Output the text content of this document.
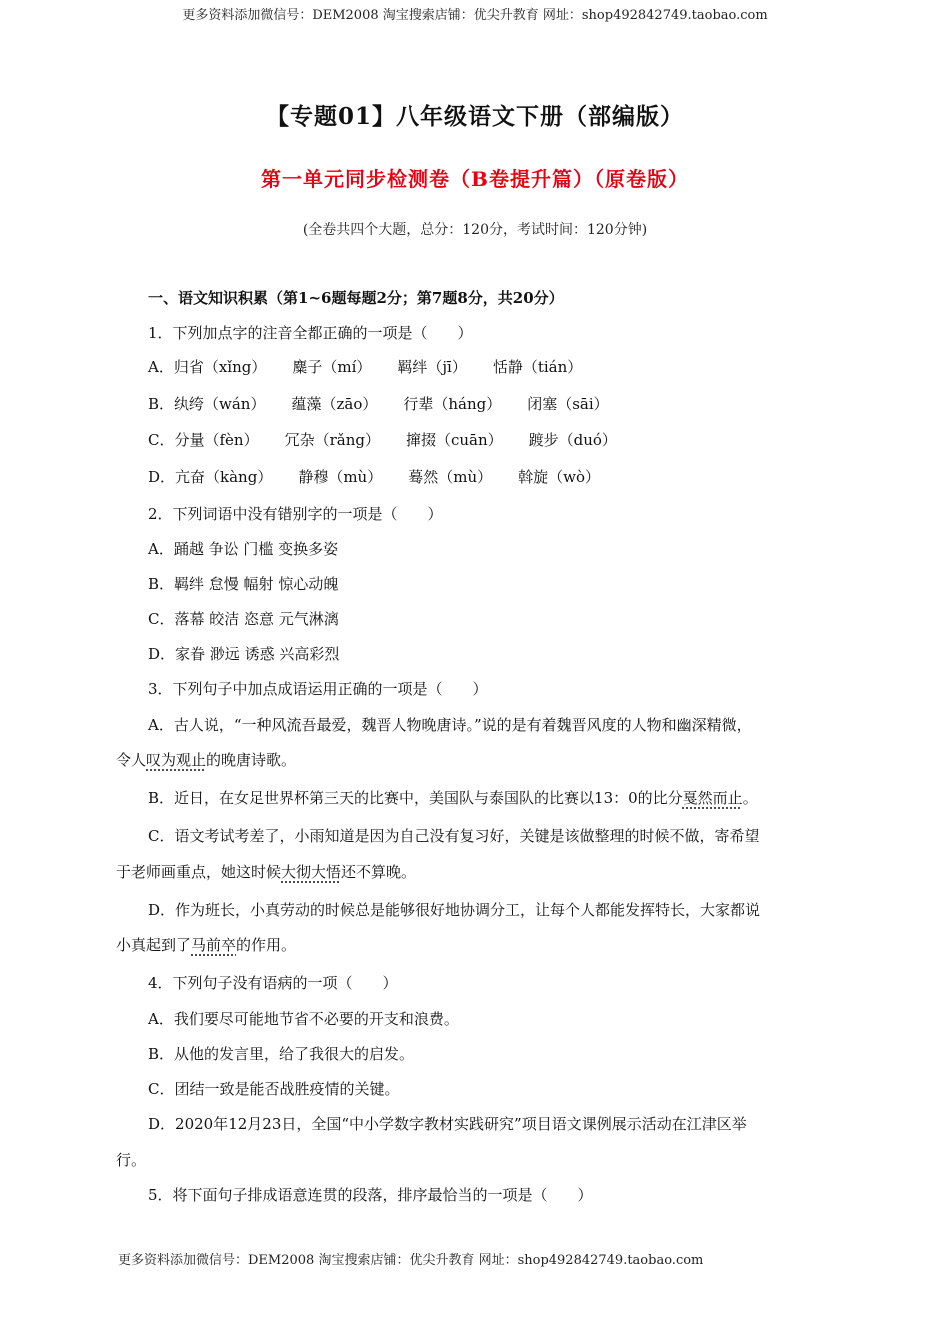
更多资料添加微信号：DEM2008 淘宝搜索店铺：优尖升教育 网址：shop492842749.taobao.com
【专题01】八年级语文下册（部编版）
第一单元同步检测卷（B卷提升篇）（原卷版）
(全卷共四个大题，总分：120分，考试时间：120分钟)
一、语文知识积累（第1~6题每题2分；第7题8分，共20分）
1．下列加点字的注音全都正确的一项是（　　）
A．归省（xǐng） 麋子（mí） 羁绊（jī） 恬静（tián）
B．纨绔（wán） 蕴藻（zāo） 行辈（háng） 闭塞（sāi）
C．分量（fèn） 冗杂（rǎng） 撺掇（cuān） 踱步（duó）
D．亢奋（kàng） 静穆（mù） 蓦然（mù） 斡旋（wò）
2．下列词语中没有错别字的一项是（　　）
A．踊越 争讼 门槛 变换多姿
B．羁绊 怠慢 幅射 惊心动魄
C．落幕 皎洁 恣意 元气淋漓
D．家眷 渺远 诱惑 兴高彩烈
3．下列句子中加点成语运用正确的一项是（　　）
A．古人说，“一种风流吾最爱，魏晋人物晚唐诗。”说的是有着魏晋风度的人物和幽深精微，
令人叹为观止的晚唐诗歌。
B．近日，在女足世界杯第三天的比赛中，美国队与泰国队的比赛以13：0的比分戛然而止。
C．语文考试考差了，小雨知道是因为自己没有复习好，关键是该做整理的时候不做，寄希望
于老师画重点，她这时候大彻大悟还不算晚。
D．作为班长，小真劳动的时候总是能够很好地协调分工，让每个人都能发挥特长，大家都说
小真起到了马前卒的作用。
4．下列句子没有语病的一项（　　）
A．我们要尽可能地节省不必要的开支和浪费。
B．从他的发言里，给了我很大的启发。
C．团结一致是能否战胜疫情的关键。
D．2020年12月23日，全国“中小学数字教材实践研究”项目语文课例展示活动在江津区举
行。
5．将下面句子排成语意连贯的段落，排序最恰当的一项是（　　）
更多资料添加微信号：DEM2008 淘宝搜索店铺：优尖升教育 网址：shop492842749.taobao.com
